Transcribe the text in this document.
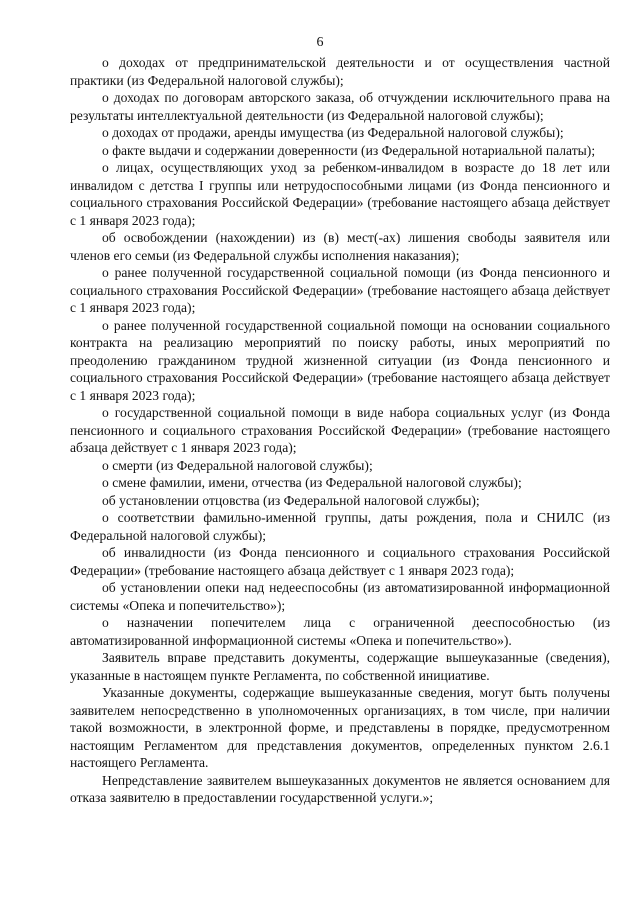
6

о доходах от предпринимательской деятельности и от осуществления частной практики (из Федеральной налоговой службы);

о доходах по договорам авторского заказа, об отчуждении исключительного права на результаты интеллектуальной деятельности (из Федеральной налоговой службы);

о доходах от продажи, аренды имущества (из Федеральной налоговой службы);

о факте выдачи и содержании доверенности (из Федеральной нотариальной палаты);

о лицах, осуществляющих уход за ребенком-инвалидом в возрасте до 18 лет или инвалидом с детства I группы или нетрудоспособными лицами (из Фонда пенсионного и социального страхования Российской Федерации» (требование настоящего абзаца действует с 1 января 2023 года);

об освобождении (нахождении) из (в) мест(-ах) лишения свободы заявителя или членов его семьи (из Федеральной службы исполнения наказания);

о ранее полученной государственной социальной помощи (из Фонда пенсионного и социального страхования Российской Федерации» (требование настоящего абзаца действует с 1 января 2023 года);

о ранее полученной государственной социальной помощи на основании социального контракта на реализацию мероприятий по поиску работы, иных мероприятий по преодолению гражданином трудной жизненной ситуации (из Фонда пенсионного и социального страхования Российской Федерации» (требование настоящего абзаца действует с 1 января 2023 года);

о государственной социальной помощи в виде набора социальных услуг (из Фонда пенсионного и социального страхования Российской Федерации» (требование настоящего абзаца действует с 1 января 2023 года);

о смерти (из Федеральной налоговой службы);

о смене фамилии, имени, отчества (из Федеральной налоговой службы);

об установлении отцовства (из Федеральной налоговой службы);

о соответствии фамильно-именной группы, даты рождения, пола и СНИЛС (из Федеральной налоговой службы);

об инвалидности (из Фонда пенсионного и социального страхования Российской Федерации» (требование настоящего абзаца действует с 1 января 2023 года);

об установлении опеки над недееспособны (из автоматизированной информационной системы «Опека и попечительство»);

о назначении попечителем лица с ограниченной дееспособностью (из автоматизированной информационной системы «Опека и попечительство»).

Заявитель вправе представить документы, содержащие вышеуказанные (сведения), указанные в настоящем пункте Регламента, по собственной инициативе.

Указанные документы, содержащие вышеуказанные сведения, могут быть получены заявителем непосредственно в уполномоченных организациях, в том числе, при наличии такой возможности, в электронной форме, и представлены в порядке, предусмотренном настоящим Регламентом для представления документов, определенных пунктом 2.6.1 настоящего Регламента.

Непредставление заявителем вышеуказанных документов не является основанием для отказа заявителю в предоставлении государственной услуги.»;
